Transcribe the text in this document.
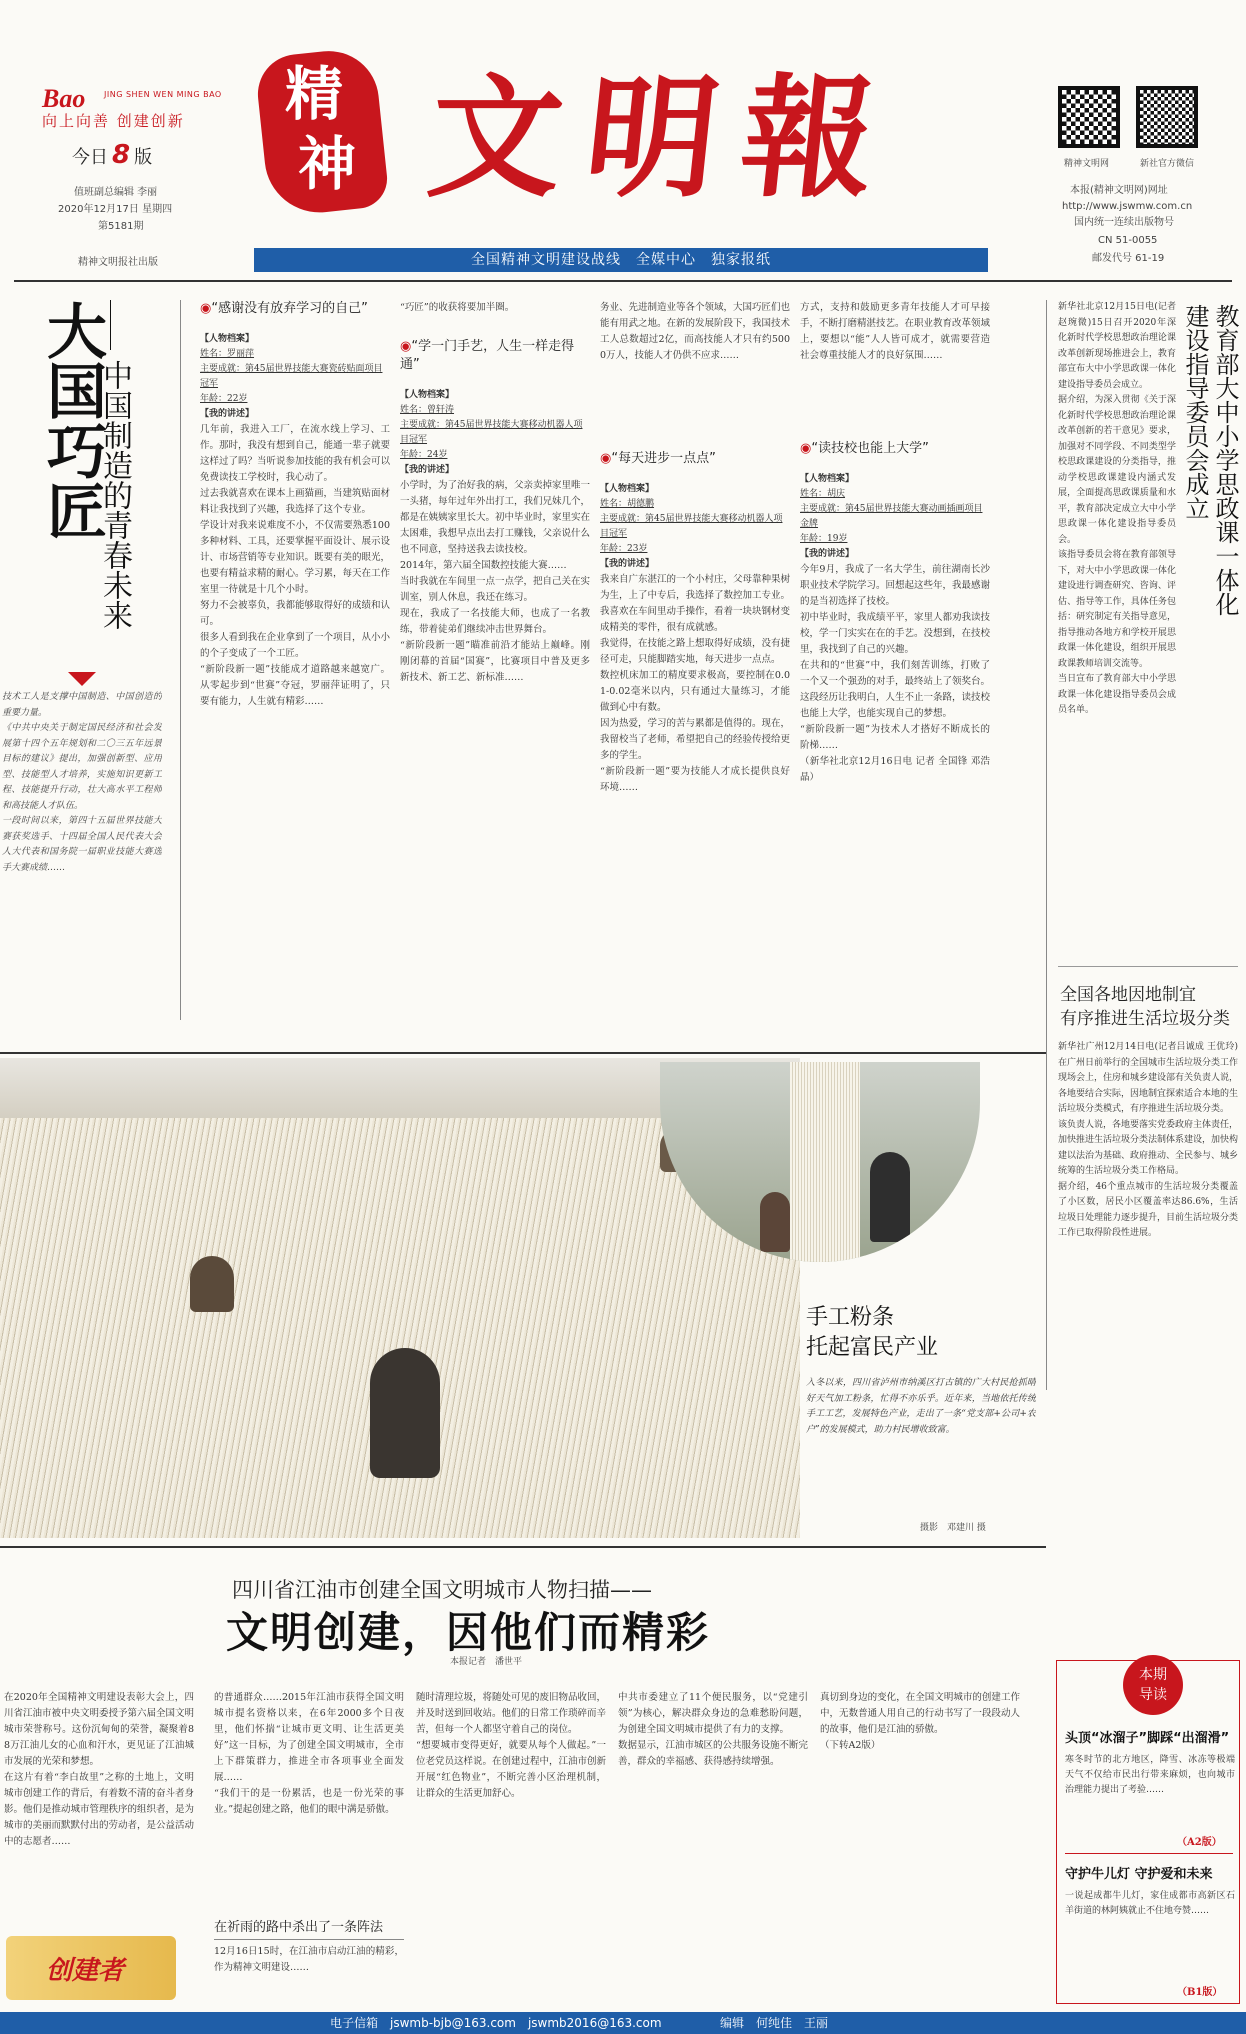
Bao JING SHEN WEN MING BAO
向上向善 创建创新
今日 8 版
值班副总编辑 李丽
2020年12月17日 星期四
第5181期
精神文明报社出版
精
神 文明報
全国精神文明建设战线　全媒中心　独家报纸
精神文明网	新社官方微信
本报(精神文明网)网址
http://www.jswmw.com.cn
国内统一连续出版物号
CN 51-0055
邮发代号 61-19
大国巧匠
中国制造的青春未来
技术工人是支撑中国制造、中国创造的重要力量。
《中共中央关于制定国民经济和社会发展第十四个五年规划和二〇三五年远景目标的建议》提出，加强创新型、应用型、技能型人才培养，实施知识更新工程、技能提升行动，壮大高水平工程师和高技能人才队伍。
一段时间以来，第四十五届世界技能大赛获奖选手、十四届全国人民代表大会人大代表和国务院一届职业技能大赛选手大赛成绩……
◉“感谢没有放弃学习的自己”
【人物档案】
姓名：罗丽萍
主要成就：第45届世界技能大赛瓷砖贴面项目冠军
年龄：22岁
【我的讲述】
几年前，我进入工厂，在流水线上学习、工作。那时，我没有想到自己，能通一辈子就要这样过了吗？当听说参加技能的我有机会可以免费读技工学校时，我心动了。
过去我就喜欢在课本上画猫画，当建筑贴面材料让我找到了兴趣，我选择了这个专业。
学设计对我来说难度不小，不仅需要熟悉100多种材料、工具，还要掌握平面设计、展示设计、市场营销等专业知识。既要有美的眼光，也要有精益求精的耐心。学习累，每天在工作室里一待就是十几个小时。
努力不会被辜负，我都能够取得好的成绩和认可。
很多人看到我在企业拿到了一个项目，从小小的个子变成了一个工匠。
“新阶段新一题”技能成才道路越来越宽广。从零起步到“世赛”夺冠，罗丽萍证明了，只要有能力，人生就有精彩……
“巧匠”的收获将要加半圈。
◉“学一门手艺，人生一样走得通”
【人物档案】
姓名：曾轩涛
主要成就：第45届世界技能大赛移动机器人项目冠军
年龄：24岁
【我的讲述】
小学时，为了治好我的病，父亲卖掉家里唯一一头猪，每年过年外出打工，我们兄妹几个，都是在姨姨家里长大。初中毕业时，家里实在太困难，我想早点出去打工赚钱，父亲说什么也不同意，坚持送我去读技校。
2014年，第六届全国数控技能大赛……
当时我就在车间里一点一点学，把自己关在实训室，别人休息，我还在练习。
现在，我成了一名技能大师，也成了一名教练，带着徒弟们继续冲击世界舞台。
“新阶段新一题”瞄准前沿才能站上巅峰。刚刚闭幕的首届“国赛”，比赛项目中普及更多新技术、新工艺、新标准……
务业、先进制造业等各个领域，大国巧匠们也能有用武之地。在新的发展阶段下，我国技术工人总数超过2亿，而高技能人才只有约5000万人，技能人才仍供不应求……
◉“每天进步一点点”
【人物档案】
姓名：胡德鹏
主要成就：第45届世界技能大赛移动机器人项目冠军
年龄：23岁
【我的讲述】
我来自广东湛江的一个小村庄，父母靠种果树为生，上了中专后，我选择了数控加工专业。我喜欢在车间里动手操作，看着一块块钢材变成精美的零件，很有成就感。
我觉得，在技能之路上想取得好成绩，没有捷径可走，只能脚踏实地，每天进步一点点。
数控机床加工的精度要求极高，要控制在0.01-0.02毫米以内，只有通过大量练习，才能做到心中有数。
因为热爱，学习的苦与累都是值得的。现在，我留校当了老师，希望把自己的经验传授给更多的学生。
“新阶段新一题”要为技能人才成长提供良好环境……
方式，支持和鼓励更多青年技能人才可早接手，不断打磨精湛技艺。在职业教育改革领域上，要想以“能”人人皆可成才，就需要营造社会尊重技能人才的良好氛围……
◉“读技校也能上大学”
【人物档案】
姓名：胡庆
主要成就：第45届世界技能大赛动画插画项目金牌
年龄：19岁
【我的讲述】
今年9月，我成了一名大学生，前往湖南长沙职业技术学院学习。回想起这些年，我最感谢的是当初选择了技校。
初中毕业时，我成绩平平，家里人都劝我读技校，学一门实实在在的手艺。没想到，在技校里，我找到了自己的兴趣。
在共和的“世赛”中，我们刻苦训练，打败了一个又一个强劲的对手，最终站上了领奖台。
这段经历让我明白，人生不止一条路，读技校也能上大学，也能实现自己的梦想。
“新阶段新一题”为技术人才搭好不断成长的阶梯……
（新华社北京12月16日电 记者 全国锋 邓浩晶）
教育部大中小学思政课一体化建设指导委员会成立
新华社北京12月15日电(记者赵琬微)15日召开2020年深化新时代学校思想政治理论课改革创新现场推进会上，教育部宣布大中小学思政课一体化建设指导委员会成立。
据介绍，为深入贯彻《关于深化新时代学校思想政治理论课改革创新的若干意见》要求，加强对不同学段、不同类型学校思政课建设的分类指导，推动学校思政课建设内涵式发展，全面提高思政课质量和水平，教育部决定成立大中小学思政课一体化建设指导委员会。
该指导委员会将在教育部领导下，对大中小学思政课一体化建设进行调查研究、咨询、评估、指导等工作，具体任务包括：研究制定有关指导意见，指导推动各地方和学校开展思政课一体化建设，组织开展思政课教师培训交流等。
当日宣布了教育部大中小学思政课一体化建设指导委员会成员名单。
全国各地因地制宜
有序推进生活垃圾分类
新华社广州12月14日电(记者吕诚成 王优玲)在广州日前举行的全国城市生活垃圾分类工作现场会上，住房和城乡建设部有关负责人说，各地要结合实际，因地制宜探索适合本地的生活垃圾分类模式，有序推进生活垃圾分类。
该负责人说，各地要落实党委政府主体责任，加快推进生活垃圾分类法制体系建设，加快构建以法治为基础、政府推动、全民参与、城乡统筹的生活垃圾分类工作格局。
据介绍，46个重点城市的生活垃圾分类覆盖了小区数，居民小区覆盖率达86.6%，生活垃圾日处理能力逐步提升，目前生活垃圾分类工作已取得阶段性进展。
手工粉条
托起富民产业
入冬以来，四川省泸州市纳溪区打古镇的广大村民抢抓晴好天气加工粉条，忙得不亦乐乎。近年来，当地依托传统手工工艺，发展特色产业，走出了一条“党支部+公司+农户”的发展模式，助力村民增收致富。
摄影　邓建川 摄
四川省江油市创建全国文明城市人物扫描——
文明创建，因他们而精彩
本报记者　潘世平
在2020年全国精神文明建设表彰大会上，四川省江油市被中央文明委授予第六届全国文明城市荣誉称号。这份沉甸甸的荣誉，凝聚着88万江油儿女的心血和汗水，更见证了江油城市发展的光荣和梦想。
在这片有着“李白故里”之称的土地上，文明城市创建工作的背后，有着数不清的奋斗者身影。他们是推动城市管理秩序的组织者，是为城市的美丽而默默付出的劳动者，是公益活动中的志愿者……
创建者
的普通群众……2015年江油市获得全国文明城市提名资格以来，在6年2000多个日夜里，他们怀揣“让城市更文明、让生活更美好”这一目标，为了创建全国文明城市，全市上下群策群力，推进全市各项事业全面发展……
“我们干的是一份累活，也是一份光荣的事业。”提起创建之路，他们的眼中满是骄傲。
在祈雨的路中杀出了一条阵法
12月16日15时，在江油市启动江油的精彩，作为精神文明建设……
随时清理垃圾，将随处可见的废旧物品收回，并及时送到回收站。他们的日常工作琐碎而辛苦，但每一个人都坚守着自己的岗位。
“想要城市变得更好，就要从每个人做起。”一位老党员这样说。在创建过程中，江油市创新开展“红色物业”，不断完善小区治理机制，让群众的生活更加舒心。
中共市委建立了11个便民服务，以“党建引领”为核心，解决群众身边的急难愁盼问题，为创建全国文明城市提供了有力的支撑。
数据显示，江油市城区的公共服务设施不断完善，群众的幸福感、获得感持续增强。
真切到身边的变化，在全国文明城市的创建工作中，无数普通人用自己的行动书写了一段段动人的故事，他们是江油的骄傲。
（下转A2版）
本期
导读
头顶“冰溜子”脚踩“出溜滑”
寒冬时节的北方地区，降雪、冰冻等极端天气不仅给市民出行带来麻烦，也向城市治理能力提出了考验……
（A2版）
守护牛儿灯 守护爱和未来
一说起成都牛儿灯，家住成都市高新区石羊街道的林阿姨就止不住地夸赞……
（B1版）
电子信箱 jswmb-bjb@163.com　jswmb2016@163.com	编辑　何纯佳　王丽
